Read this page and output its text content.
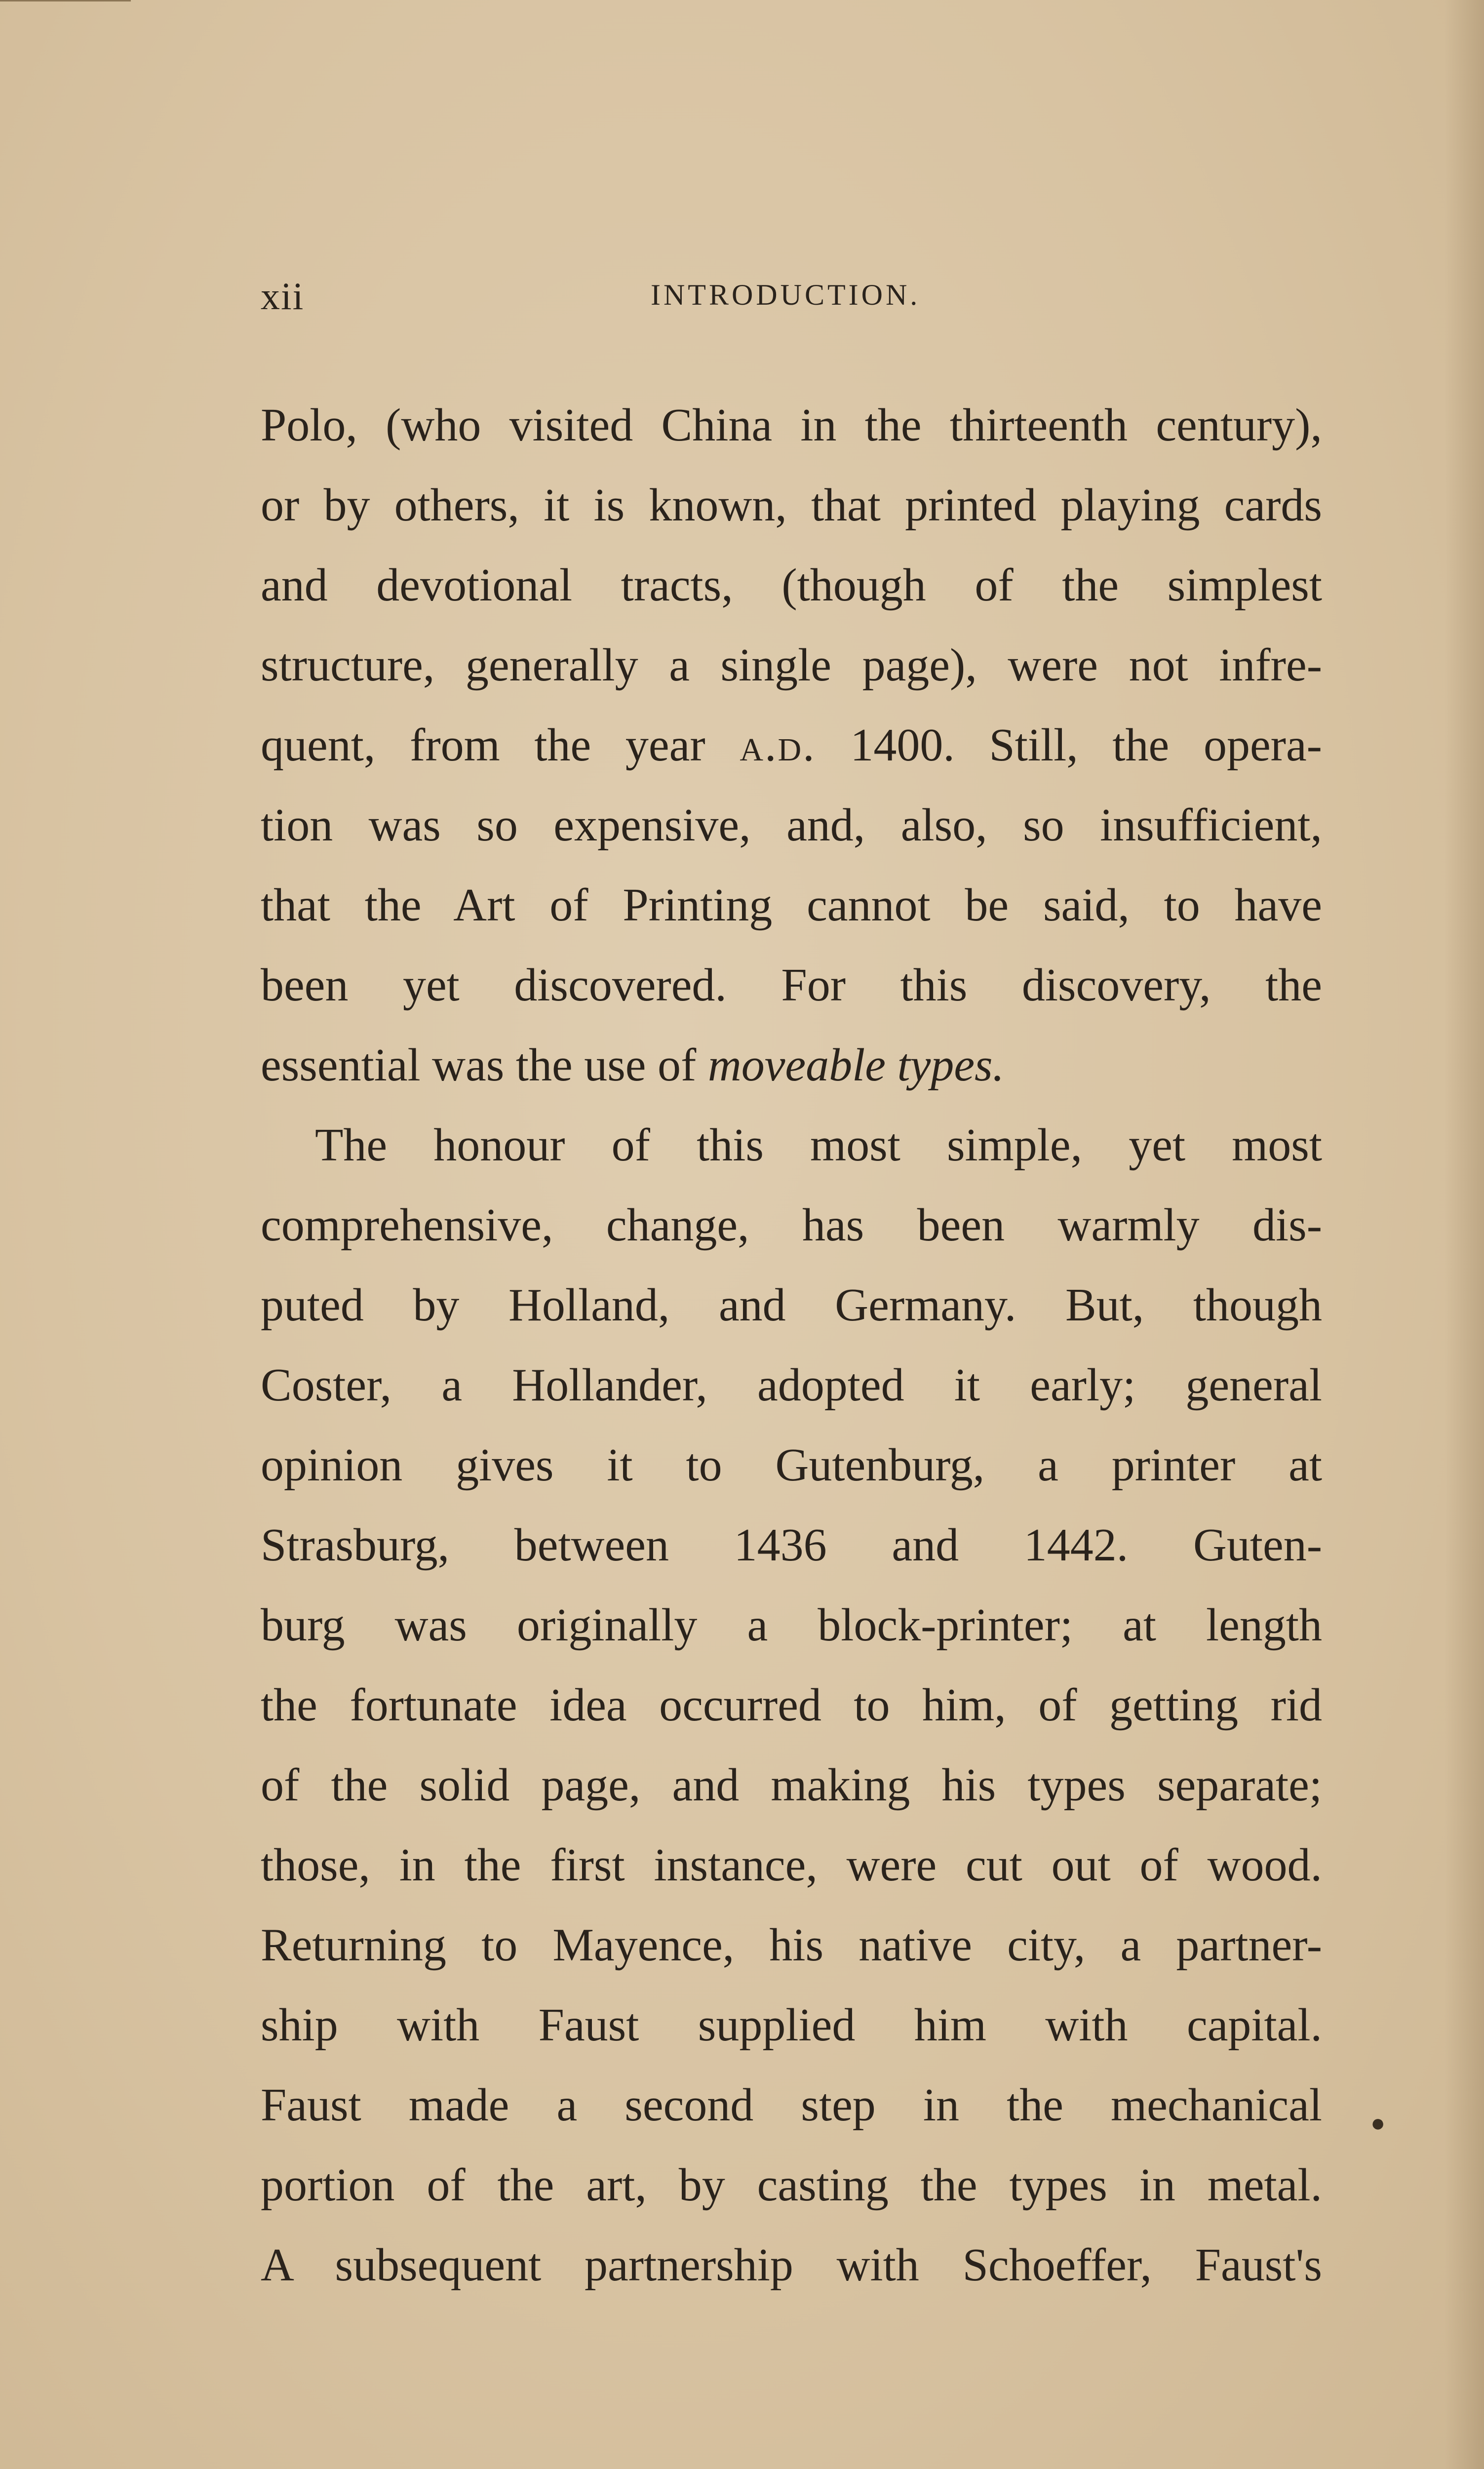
xii	INTRODUCTION.
Polo, (who visited China in the thirteenth century),
or by others, it is known, that printed playing cards
and devotional tracts, (though of the simplest
structure, generally a single page), were not infre-
quent, from the year a.d. 1400. Still, the opera-
tion was so expensive, and, also, so insufficient,
that the Art of Printing cannot be said, to have
been yet discovered. For this discovery, the
essential was the use of moveable types.
The honour of this most simple, yet most
comprehensive, change, has been warmly dis-
puted by Holland, and Germany. But, though
Coster, a Hollander, adopted it early; general
opinion gives it to Gutenburg, a printer at
Strasburg, between 1436 and 1442. Guten-
burg was originally a block-printer; at length
the fortunate idea occurred to him, of getting rid
of the solid page, and making his types separate;
those, in the first instance, were cut out of wood.
Returning to Mayence, his native city, a partner-
ship with Faust supplied him with capital.
Faust made a second step in the mechanical
portion of the art, by casting the types in metal.
A subsequent partnership with Schoeffer, Faust's
●
